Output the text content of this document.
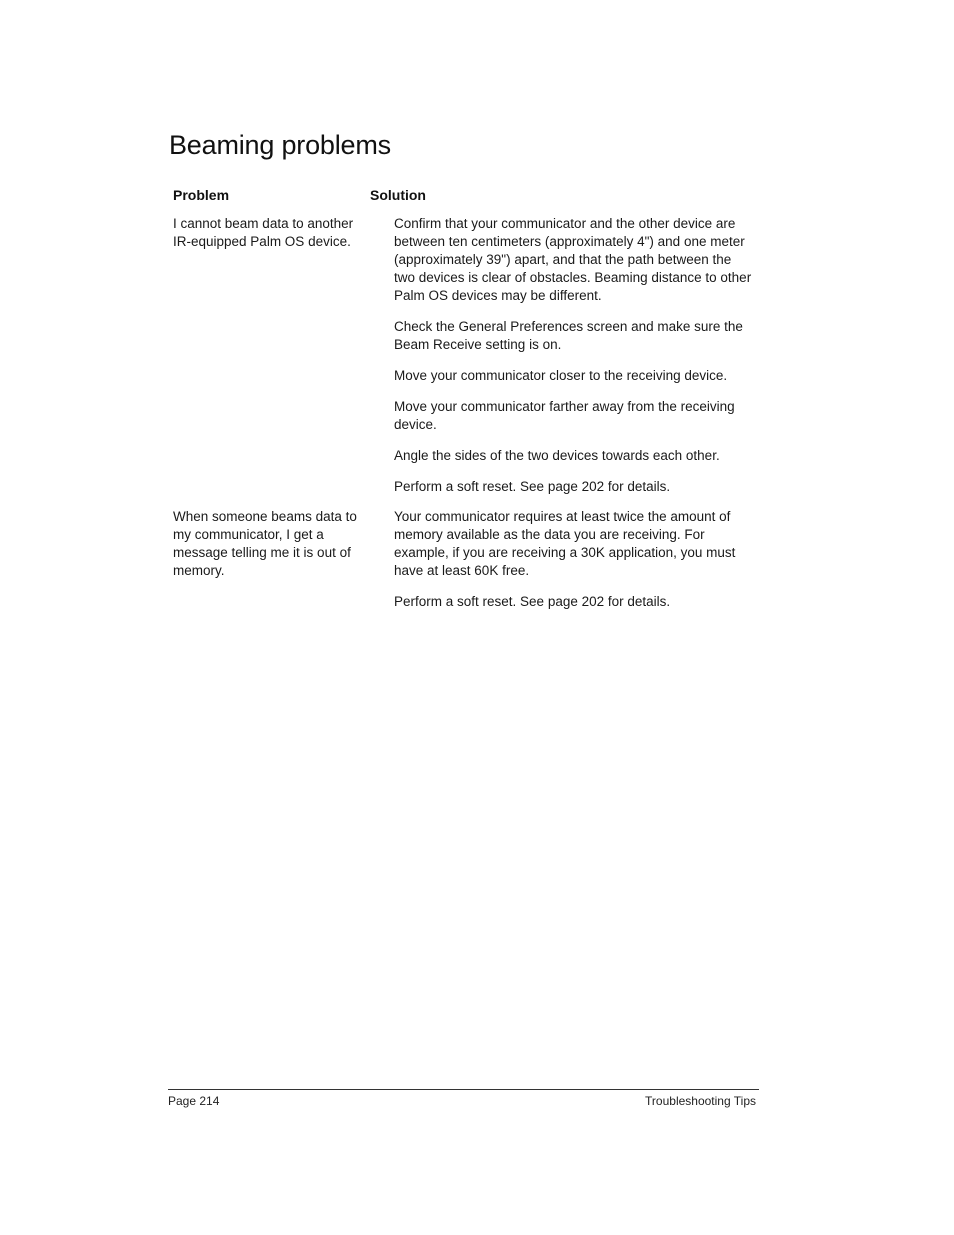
Beaming problems
Problem	Solution
I cannot beam data to another IR-equipped Palm OS device.

Confirm that your communicator and the other device are between ten centimeters (approximately 4") and one meter (approximately 39") apart, and that the path between the two devices is clear of obstacles. Beaming distance to other Palm OS devices may be different.

Check the General Preferences screen and make sure the Beam Receive setting is on.

Move your communicator closer to the receiving device.

Move your communicator farther away from the receiving device.

Angle the sides of the two devices towards each other.

Perform a soft reset. See page 202 for details.

When someone beams data to my communicator, I get a message telling me it is out of memory.

Your communicator requires at least twice the amount of memory available as the data you are receiving. For example, if you are receiving a 30K application, you must have at least 60K free.

Perform a soft reset. See page 202 for details.

Page 214	Troubleshooting Tips
